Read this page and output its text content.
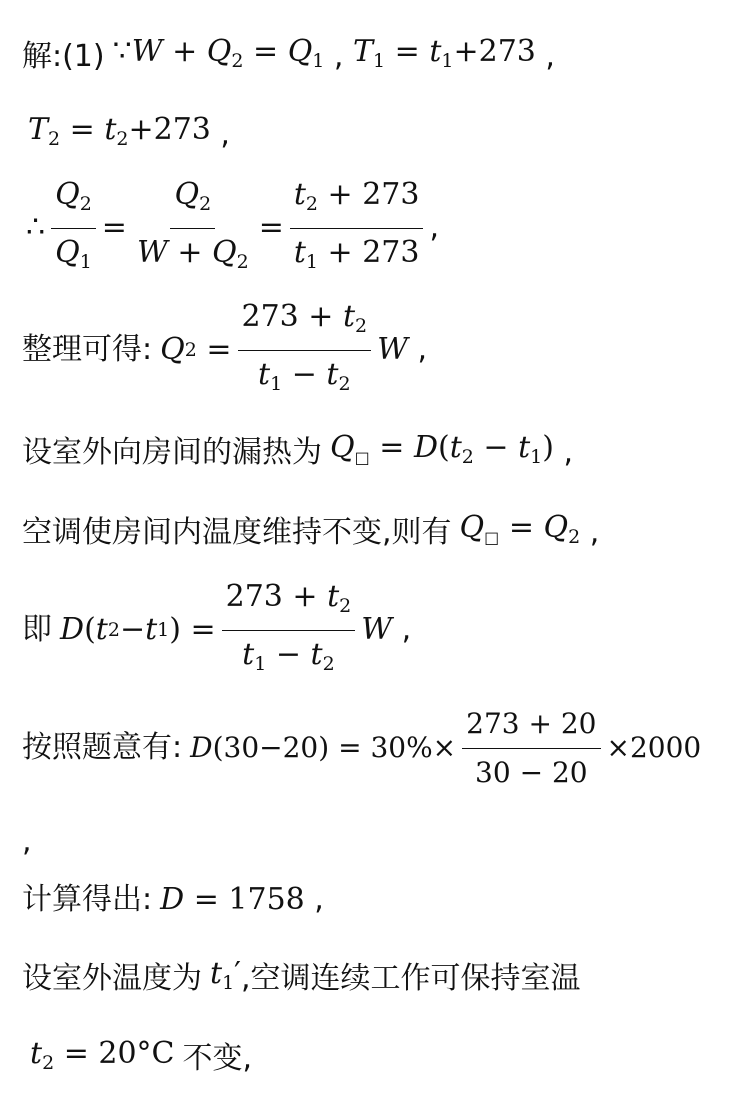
解:(1) ∵W + $Q_2 = Q_1$ , $T_1 = t_1+273$ ,
$T_2 = t_2+273$ ,
∴ $\frac{Q_2}{Q_1} = \frac{Q_2}{W + Q_2} = \frac{t_2 + 273}{t_1 + 273}$ ,
整理可得: Q $2 = \frac{273 + t_2}{t_1 - t_2}$ W ,
设室外向房间的漏热为 $Q_□ = D(t_2 - t_1)$ ,
空调使房间内温度维持不变,则有 $Q_□ = Q_2$ ,
即 D ( t 2 − t 1 ) = $\frac{273 + t_2}{t_1 - t_2}$ W ,
按照题意有: D ( 30 − 20 ) = $30\%\times \frac{273 + 20}{30 - 20} \times 2000$
,
计算得出: D = 1758 ,
设室外温度为 $t_1'$ ,空调连续工作可保持室温
$t_2 = 20^\circ C$ 不变,
